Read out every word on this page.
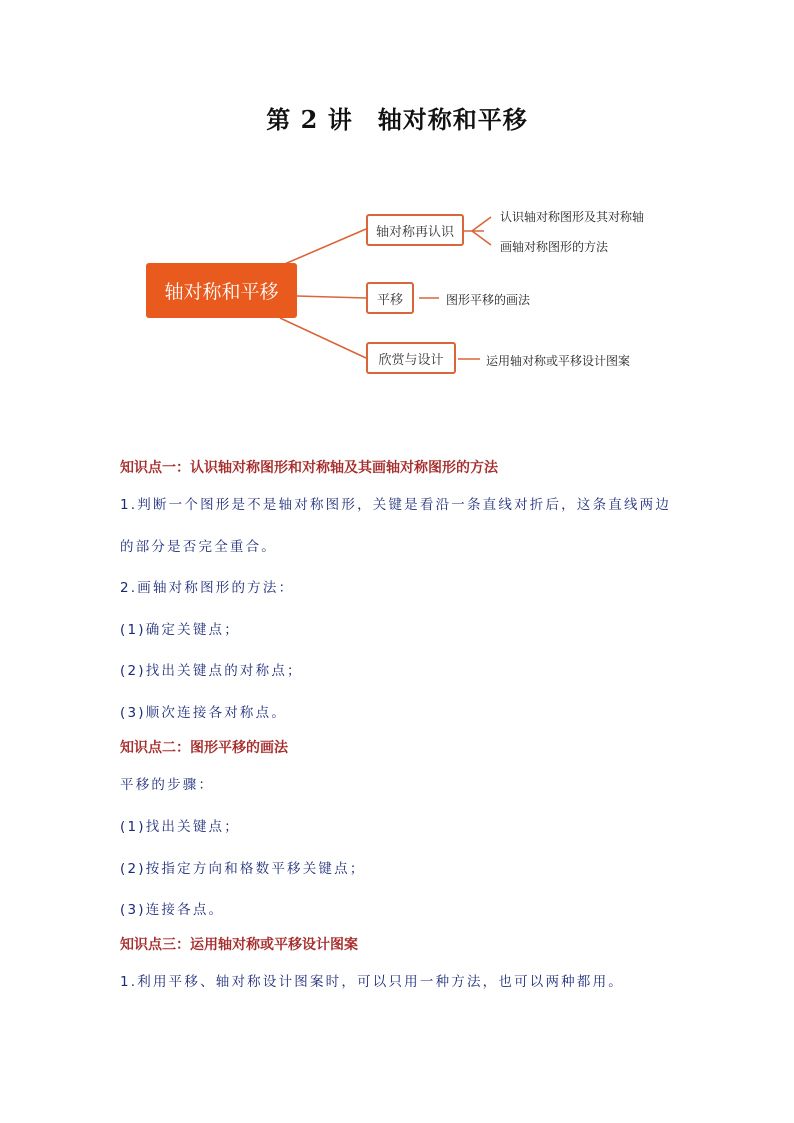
第 2 讲　轴对称和平移
轴对称和平移
轴对称再认识
认识轴对称图形及其对称轴
画轴对称图形的方法
平移	图形平移的画法
欣赏与设计	运用轴对称或平移设计图案
知识点一：认识轴对称图形和对称轴及其画轴对称图形的方法
1.判断一个图形是不是轴对称图形，关键是看沿一条直线对折后，这条直线两边
的部分是否完全重合。
2.画轴对称图形的方法：
(1)确定关键点；
(2)找出关键点的对称点；
(3)顺次连接各对称点。
知识点二：图形平移的画法
平移的步骤：
(1)找出关键点；
(2)按指定方向和格数平移关键点；
(3)连接各点。
知识点三：运用轴对称或平移设计图案
1.利用平移、轴对称设计图案时，可以只用一种方法，也可以两种都用。
